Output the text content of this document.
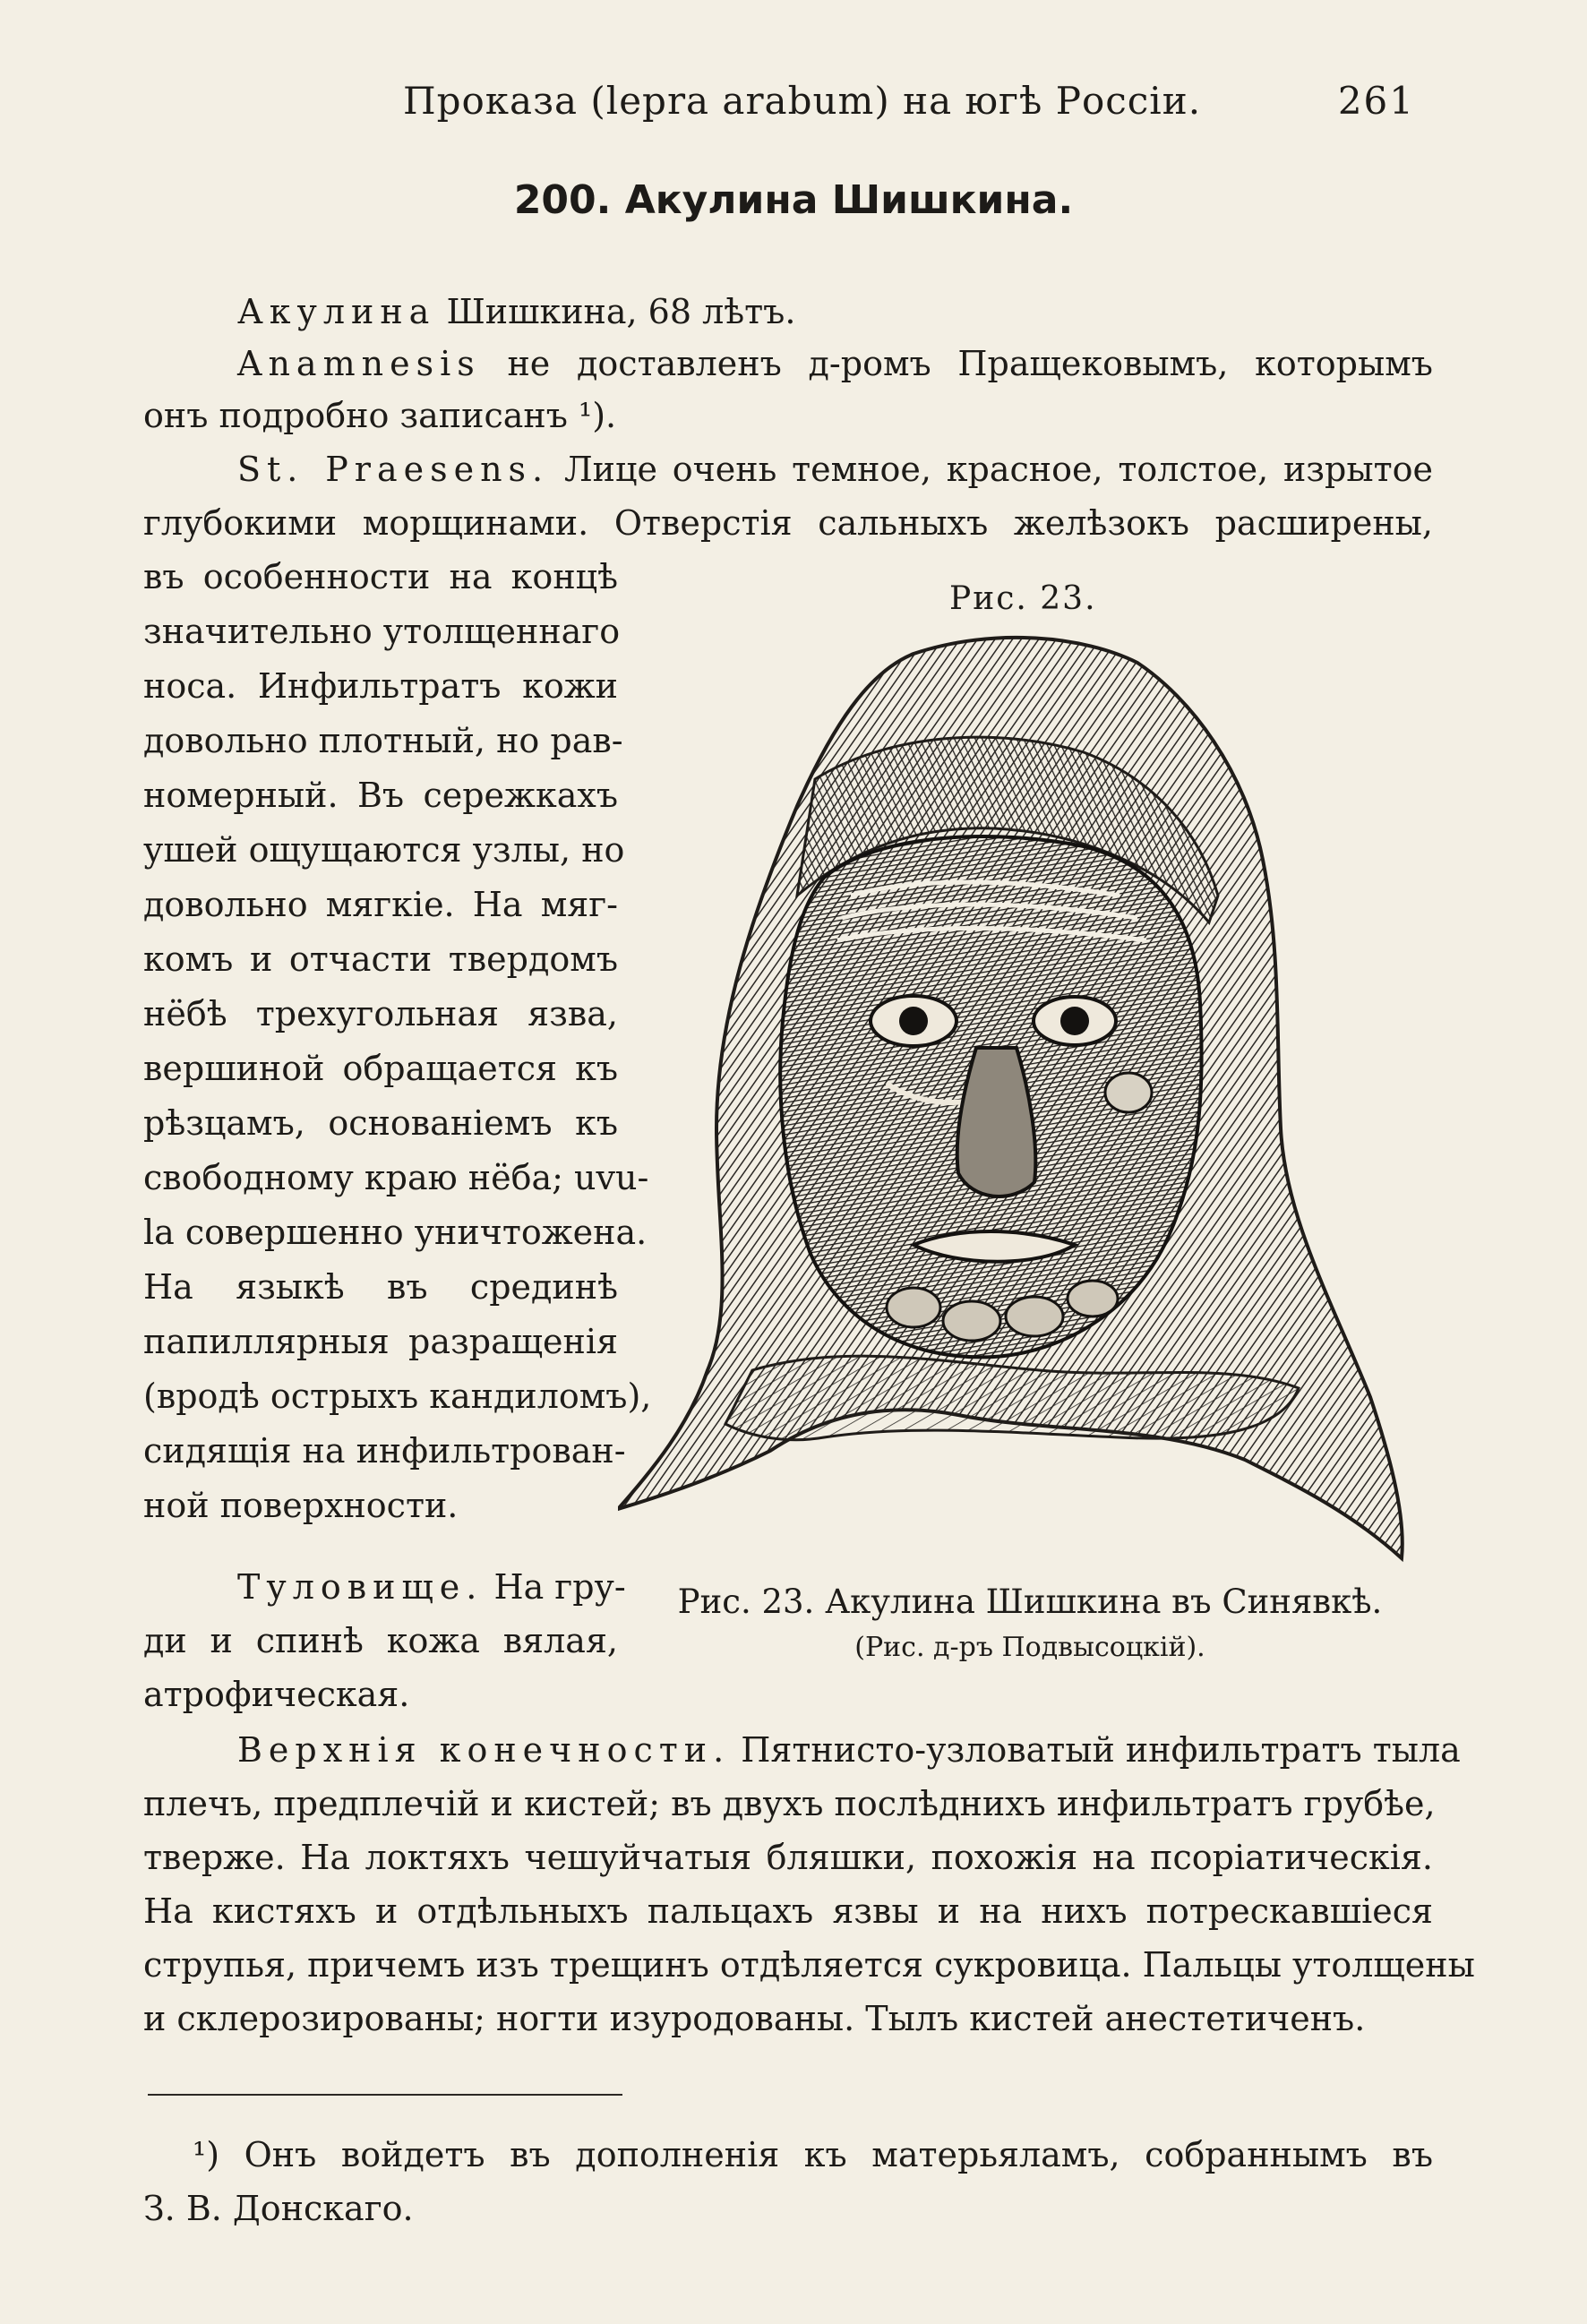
Проказа (lepra arabum) на югѣ Россіи.	261
200. Акулина Шишкина.
Акулина Шишкина, 68 лѣтъ.
Anamnesis не доставленъ д-ромъ Пращековымъ, которымъ
онъ подробно записанъ ¹).
St. Praesens. Лице очень темное, красное, толстое, изрытое
глубокими морщинами. Отверстія сальныхъ желѣзокъ расширены,
въ особенности на концѣ
значительно утолщеннаго
носа. Инфильтратъ кожи
довольно плотный, но рав-
номерный. Въ сережкахъ
ушей ощущаются узлы, но
довольно мягкіе. На мяг-
комъ и отчасти твердомъ
нёбѣ трехугольная язва,
вершиной обращается къ
рѣзцамъ, основаніемъ къ
свободному краю нёба; uvu-
la совершенно уничтожена.
На языкѣ въ срединѣ
папиллярныя разращенія
(вродѣ острыхъ кандиломъ),
сидящія на инфильтрован-
ной поверхности.
Туловище. На гру-
ди и спинѣ кожа вялая,
атрофическая.
Рис. 23.
Рис. 23. Акулина Шишкина въ Синявкѣ.
(Рис. д-ръ Подвысоцкій).
Верхнія конечности. Пятнисто-узловатый инфильтратъ тыла
плечъ, предплечій и кистей; въ двухъ послѣднихъ инфильтратъ грубѣе,
тверже. На локтяхъ чешуйчатыя бляшки, похожія на псоріатическія.
На кистяхъ и отдѣльныхъ пальцахъ язвы и на нихъ потрескавшіеся
струпья, причемъ изъ трещинъ отдѣляется сукровица. Пальцы утолщены
и склерозированы; ногти изуродованы. Тылъ кистей анестетиченъ.
¹) Онъ войдетъ въ дополненія къ матерьяламъ, собраннымъ въ
З. В. Донскаго.
